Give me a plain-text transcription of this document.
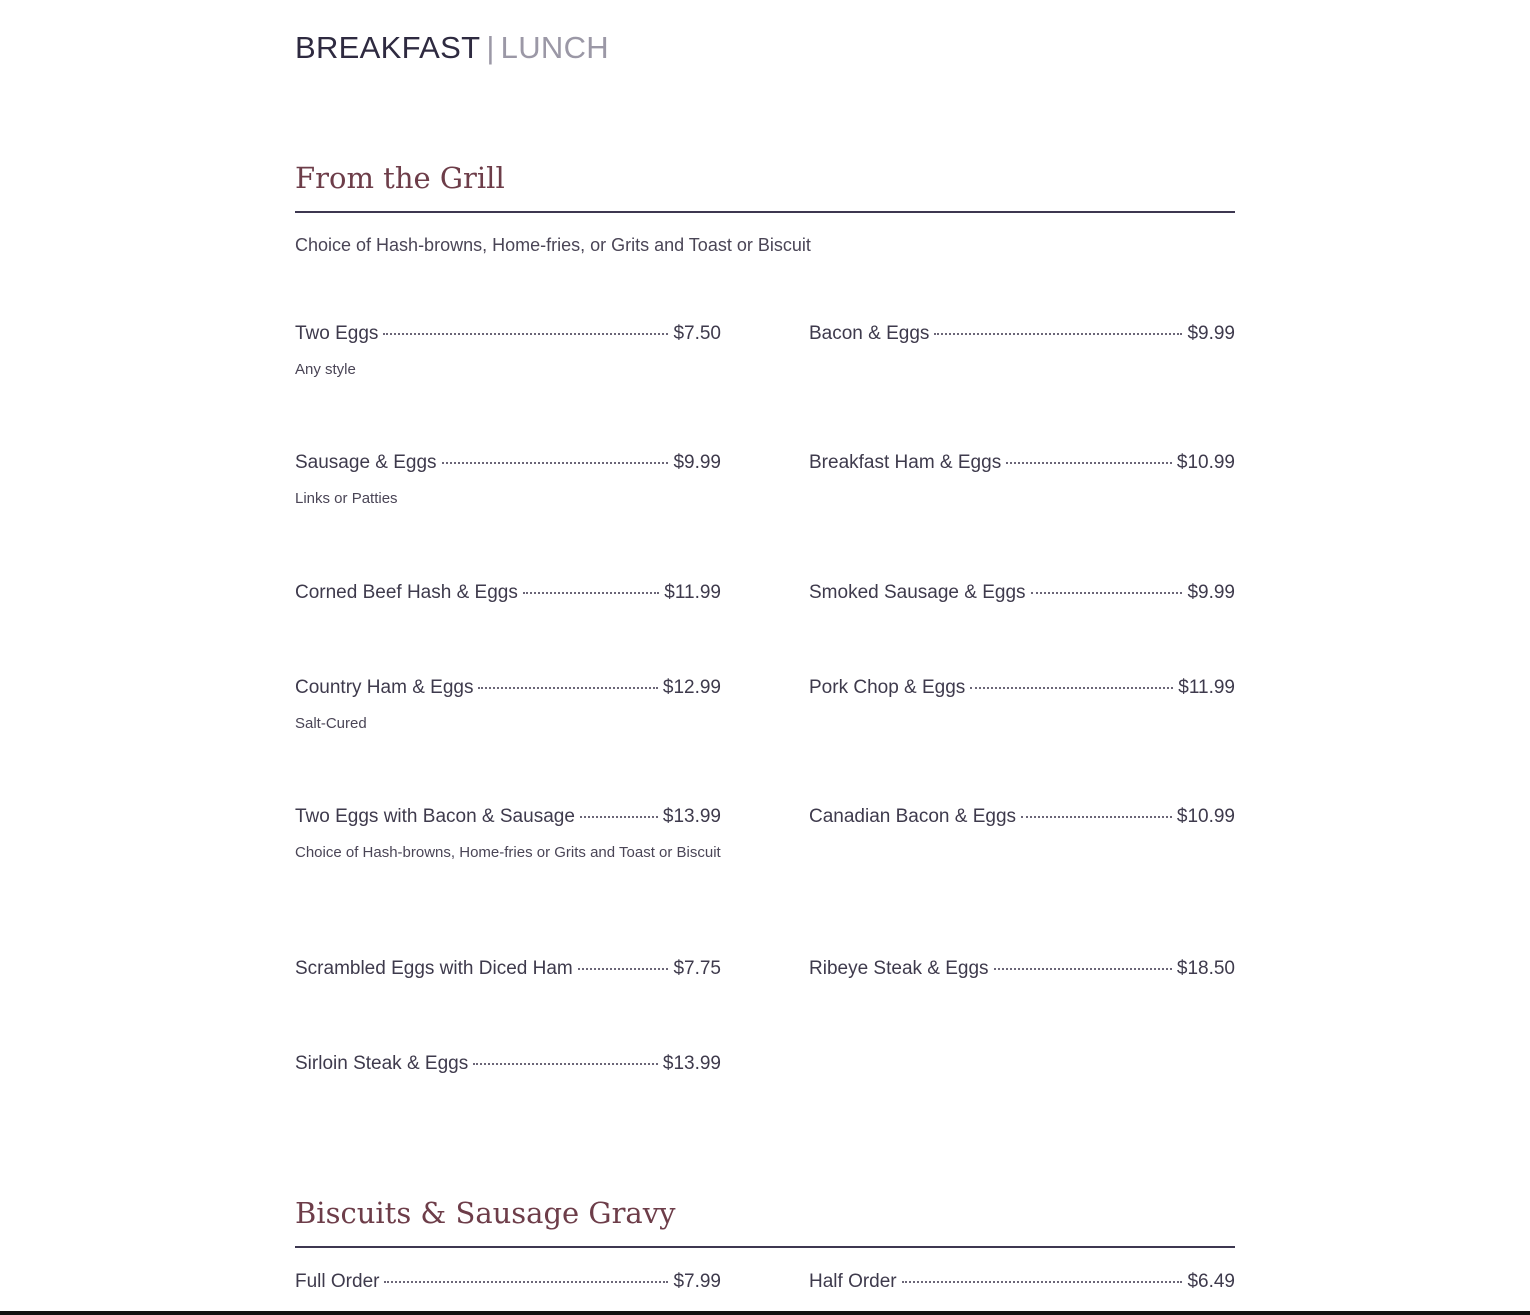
BREAKFAST | LUNCH
From the Grill
Choice of Hash-browns, Home-fries, or Grits and Toast or Biscuit
Two Eggs	$7.50
Any style
Bacon & Eggs	$9.99
Sausage & Eggs	$9.99
Links or Patties
Breakfast Ham & Eggs	$10.99
Corned Beef Hash & Eggs	$11.99	Smoked Sausage & Eggs	$9.99
Country Ham & Eggs	$12.99
Salt-Cured
Pork Chop & Eggs	$11.99
Two Eggs with Bacon & Sausage	$13.99
Choice of Hash-browns, Home-fries or Grits and Toast or Biscuit
Canadian Bacon & Eggs	$10.99
Scrambled Eggs with Diced Ham	$7.75	Ribeye Steak & Eggs	$18.50
Sirloin Steak & Eggs	$13.99
Biscuits & Sausage Gravy
Full Order	$7.99	Half Order	$6.49
